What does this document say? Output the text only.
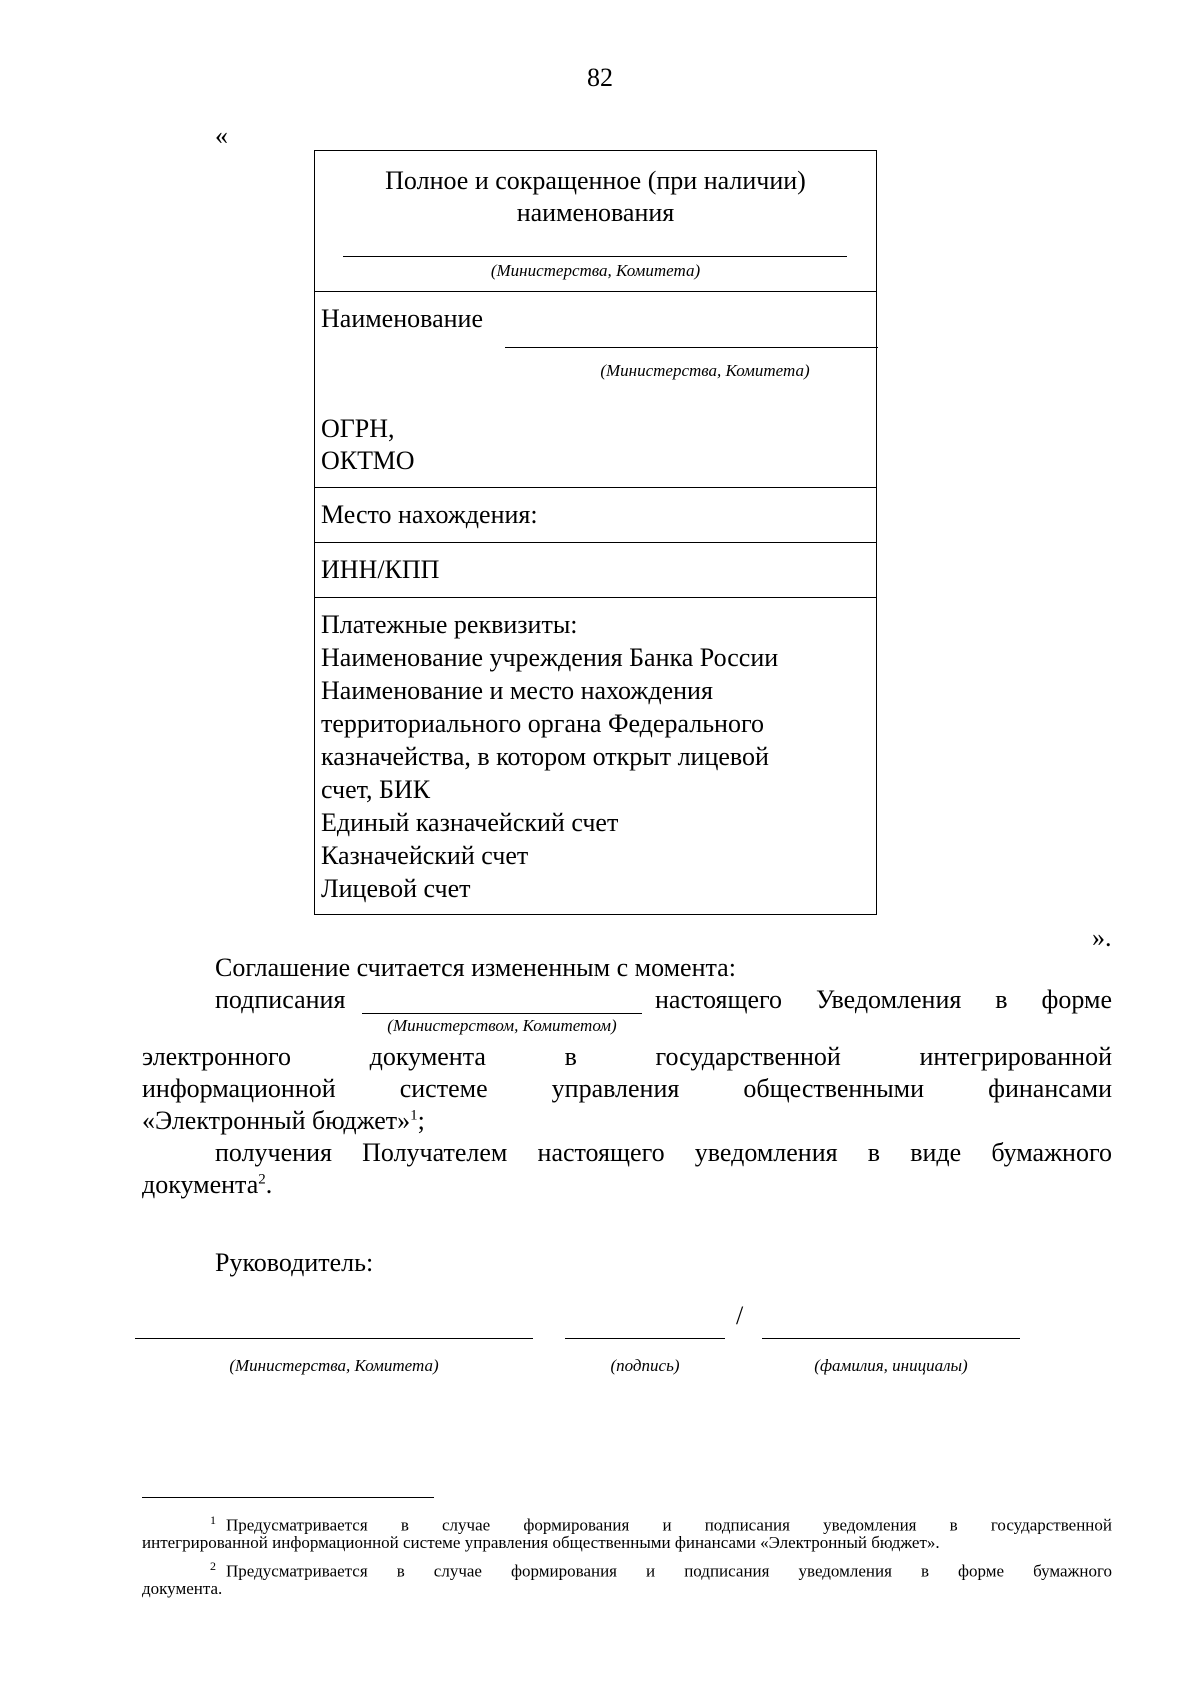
82
«
Полное и сокращенное (при наличии)
наименования
(Министерства, Комитета)
Наименование
(Министерства, Комитета)
ОГРН,
ОКТМО
Место нахождения:
ИНН/КПП
Платежные реквизиты:
Наименование учреждения Банка России
Наименование и место нахождения
территориального органа Федерального
казначейства, в котором открыт лицевой
счет, БИК
Единый казначейский счет
Казначейский счет
Лицевой счет
».
Соглашение считается измененным с момента:
подписания
(Министерством, Комитетом)
настоящего Уведомления в форме
электронного документа в государственной интегрированной
информационной системе управления общественными финансами
«Электронный бюджет»$^1$;
получения Получателем настоящего уведомления в виде бумажного
документа$^2$.
Руководитель:
/
(Министерства, Комитета)	(подпись)	(фамилия, инициалы)
$^1$ Предусматривается в случае формирования и подписания уведомления в государственной
интегрированной информационной системе управления общественными финансами «Электронный бюджет».
$^2$ Предусматривается в случае формирования и подписания уведомления в форме бумажного
документа.
